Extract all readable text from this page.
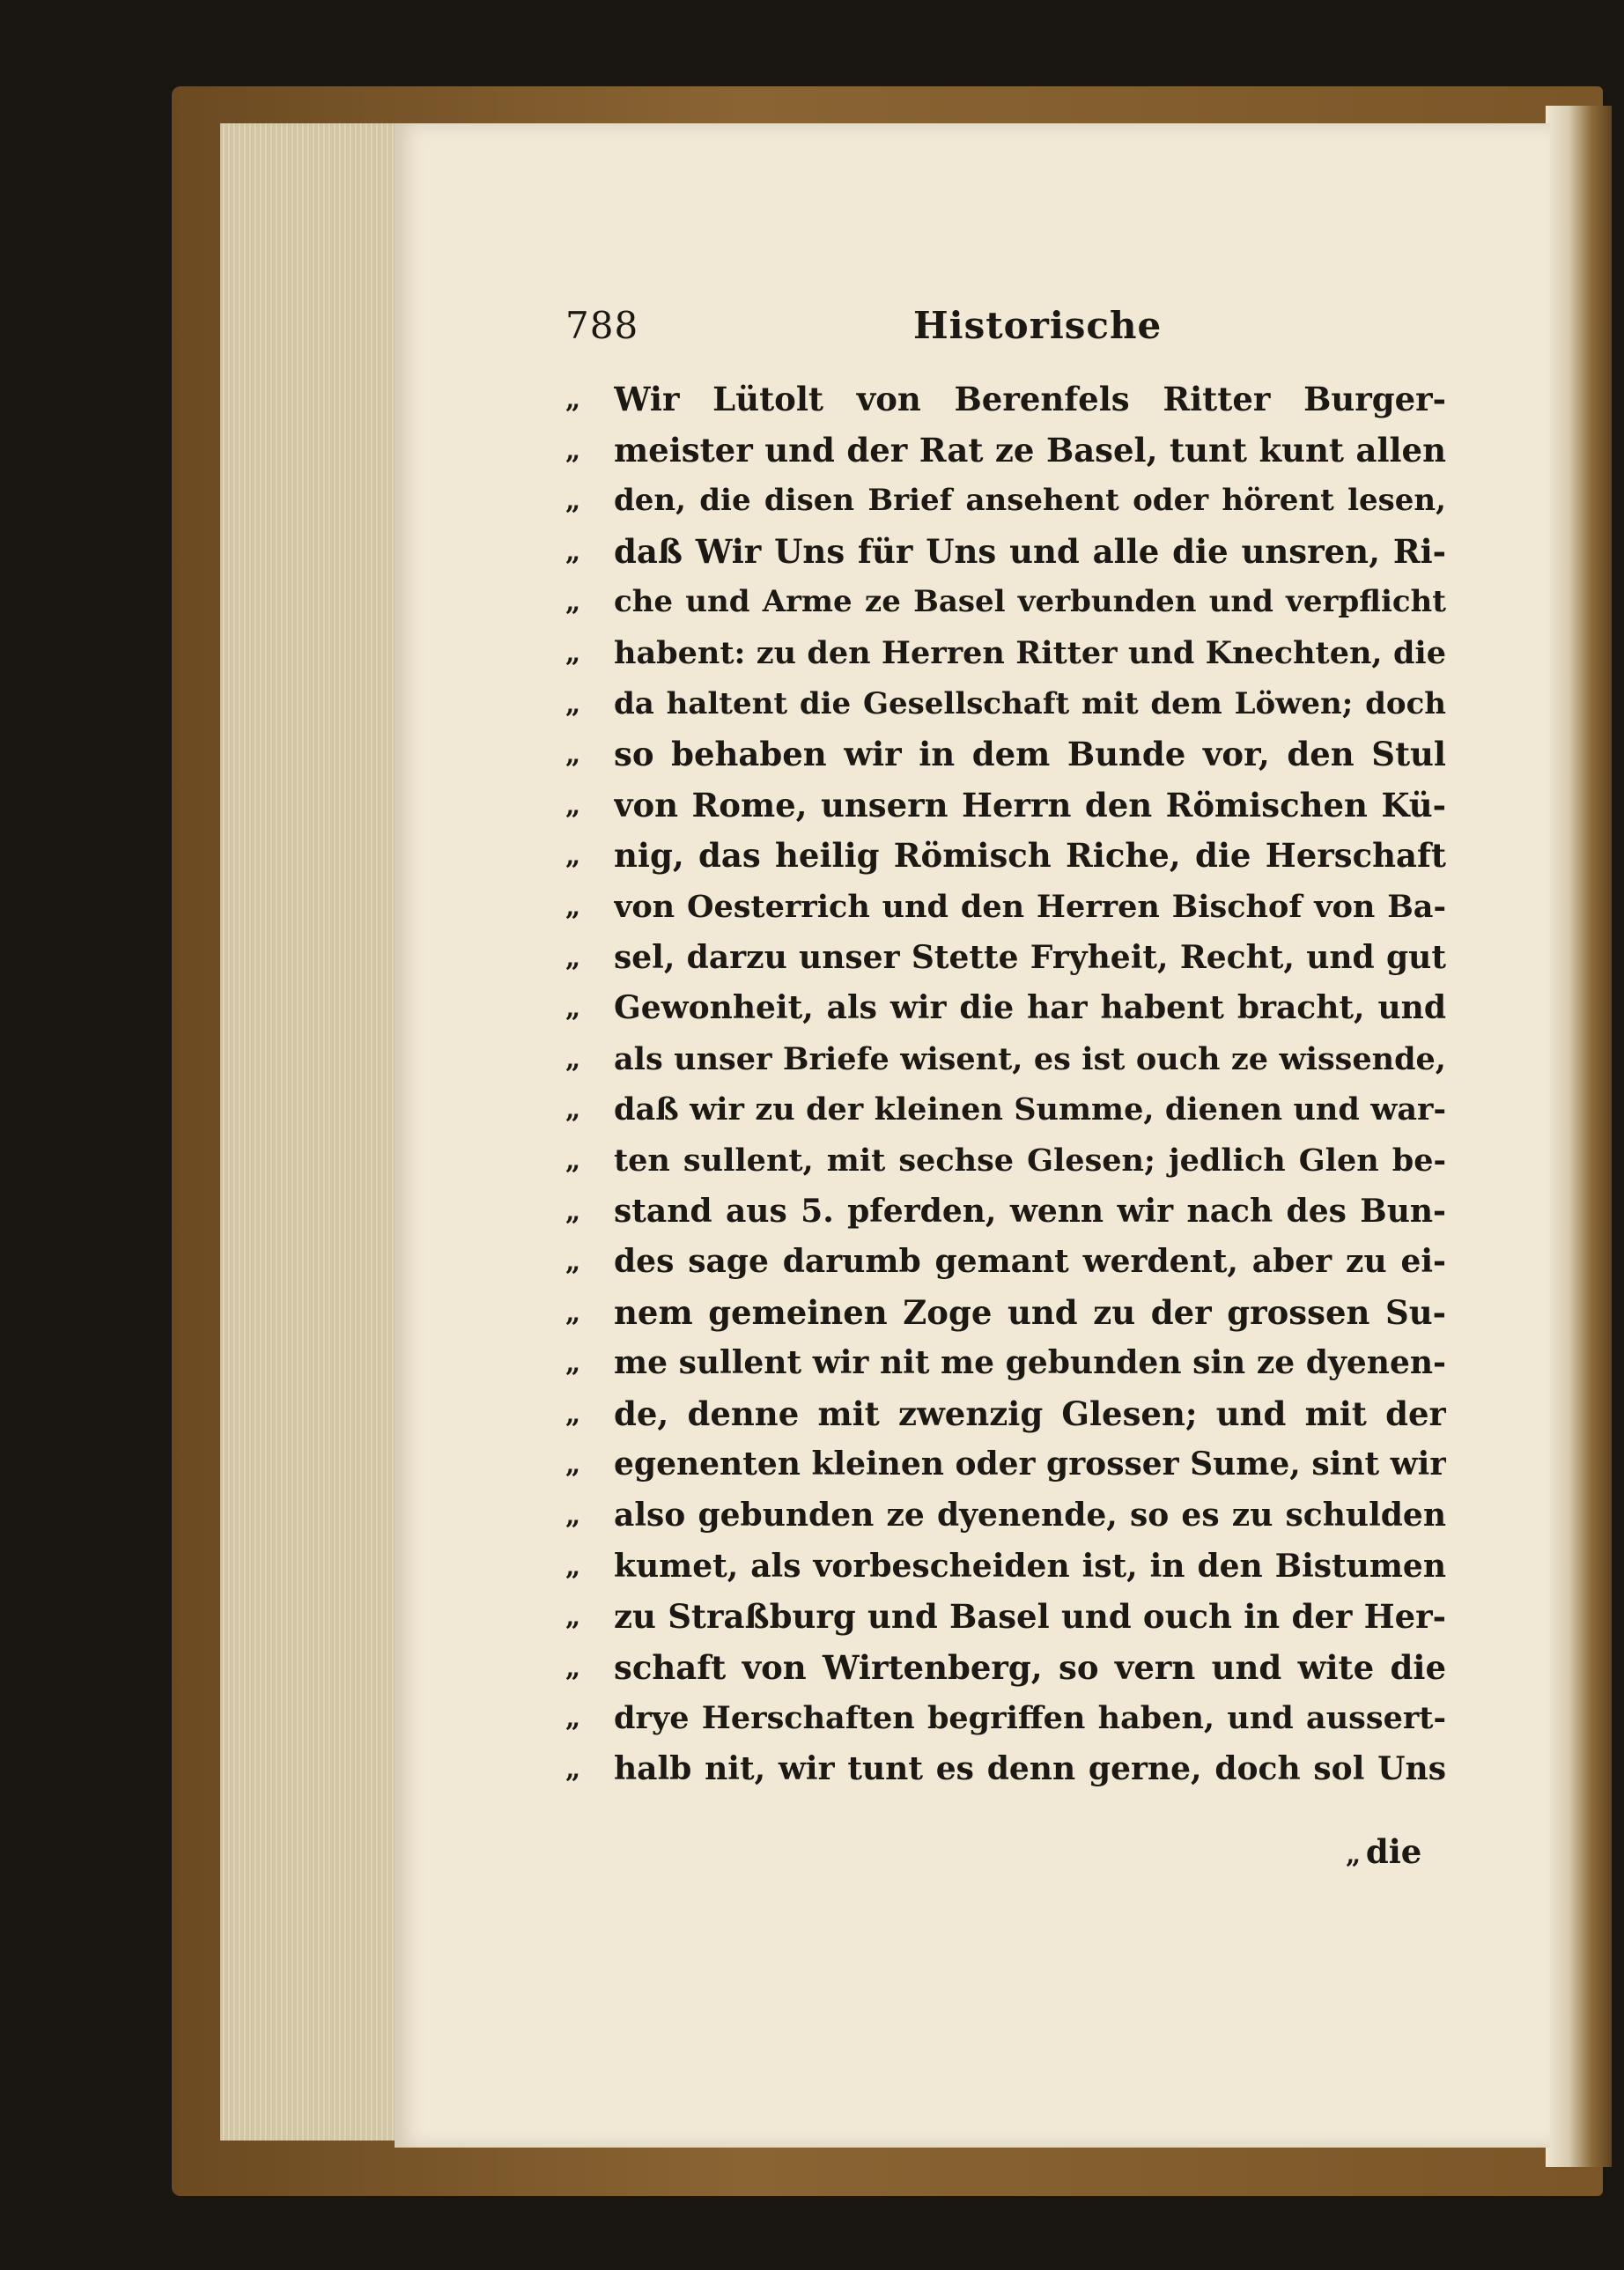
788	Historische
„	Wir Lütolt von Berenfels Ritter Burger-
„	meister und der Rat ze Basel, tunt kunt allen
„	den, die disen Brief ansehent oder hörent lesen,
„	daß Wir Uns für Uns und alle die unsren, Ri-
„	che und Arme ze Basel verbunden und verpflicht
„	habent: zu den Herren Ritter und Knechten, die
„	da haltent die Gesellschaft mit dem Löwen; doch
„	so behaben wir in dem Bunde vor, den Stul
„	von Rome, unsern Herrn den Römischen Kü-
„	nig, das heilig Römisch Riche, die Herschaft
„	von Oesterrich und den Herren Bischof von Ba-
„	sel, darzu unser Stette Fryheit, Recht, und gut
„	Gewonheit, als wir die har habent bracht, und
„	als unser Briefe wisent, es ist ouch ze wissende,
„	daß wir zu der kleinen Summe, dienen und war-
„	ten sullent, mit sechse Glesen; jedlich Glen be-
„	stand aus 5. pferden, wenn wir nach des Bun-
„	des sage darumb gemant werdent, aber zu ei-
„	nem gemeinen Zoge und zu der grossen Su-
„	me sullent wir nit me gebunden sin ze dyenen-
„	de, denne mit zwenzig Glesen; und mit der
„	egenenten kleinen oder grosser Sume, sint wir
„	also gebunden ze dyenende, so es zu schulden
„	kumet, als vorbescheiden ist, in den Bistumen
„	zu Straßburg und Basel und ouch in der Her-
„	schaft von Wirtenberg, so vern und wite die
„	drye Herschaften begriffen haben, und aussert-
„	halb nit, wir tunt es denn gerne, doch sol Uns
„ die
